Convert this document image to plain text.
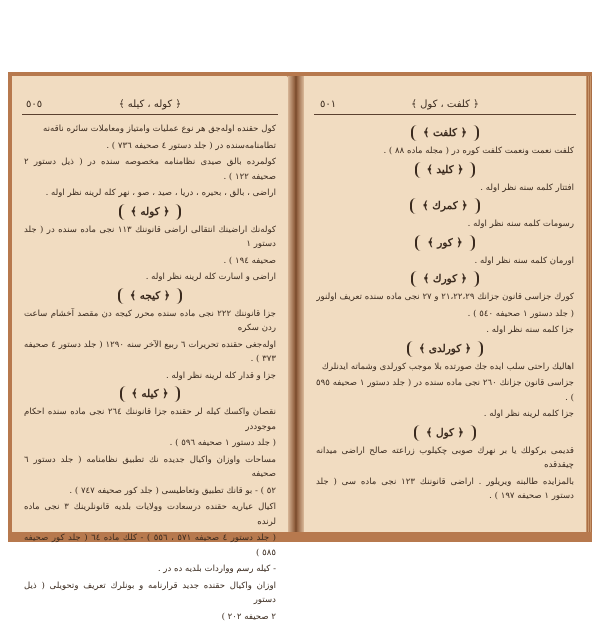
﴿ كوله ، كيله ﴾
٥٠٥

كول حقنده اولەجق هر نوع عمليات وامتياز ومعاملات سائره ناقەنه

تطامنامەسنده در ( جلد دستور ٤ صحيفه ٧٣٦ ) .

كولمرده بالق صيدى نظامنامه مخصوصه سنده در ( ذيل دستور ٢ صحيفه ١٢٢ ) .

اراضى ، بالق ، بحيره ، دريا ، صيد ، صو ، نهر كله لرينه نظر اوله .

﴿ كوله ﴾

كولەنك اراضينك انتقالى اراضى قانوننك ١١٣ نجى ماده سنده در ( جلد دستور ١

صحيفه ١٩٤ ) .

اراضى و اسارت كله لرينه نظر اوله .

﴿ كيجه ﴾

جزا قانوننك ٢٢٢ نجى ماده سنده محرر كيجه دن مقصد آخشام ساعت ردن سكره

اولەجغى حقنده تحريرات ٦ ربيع الآخر سنه ١٢٩٠ ( جلد دستور ٤ صحيفه ٣٧٣ ) .

جزا و قدار كله لرينه نظر اوله .

﴿ كيله ﴾

نقصان واكسك كيله لر حقنده جزا قانوننك ٢٦٤ نجى ماده سنده احكام موجوددر

( جلد دستور ١ صحيفه ٥٩٦ ) .

مساحات واوزان واكيال جديده نك تطبيق نظامنامه ( جلد دستور ٦ صحيفه

٥٢ ) - بو قانك تطبيق وتعاطيسى ( جلد كور صحيفه ٧٤٧ ) .

اكيال عياريه حقنده درسعادت وولايات بلديه قانونلرينك ٣ نجى ماده لرنده

( جلد دستور ٤ صحيفه ٥٧١ ، ٥٥٦ ) - كلك ماده ٦٤ ( جلد كور صحيفه ٥٨٥ )

- كيله رسم وواردات بلديه ده در .

اوزان واكيال حقنده جديد قرارنامه و بونلرك تعريف وتحويلى ( ذيل دستور

٢ صحيفه ٢٠٢ )

﴿ كلفت ، كول ﴾
٥٠١
﴿ كلفت ﴾

كلفت نعمت ونعمت كلفت كوره در ( مجله ماده ٨٨ ) .

﴿ كليد ﴾

افتتار كلمه سنه نظر اوله .

﴿ كمرك ﴾

رسومات كلمه سنه نظر اوله .

﴿ كور ﴾

اورمان كلمه سنه نظر اوله .

﴿ كورك ﴾

كورك جزاسى قانون جزانك ٢١،٢٢،٢٩ و ٢٧ نجى ماده سنده تعريف اولنور

( جلد دستور ١ صحيفه ٥٤٠ ) .

جزا كلمه سنه نظر اوله .

﴿ كورلدى ﴾

اهاليك راحتى سلب ايده جك صورتده بلا موجب كورلدى وشماته ايدنلرك

جزاسى قانون جزانك ٢٦٠ نجى ماده سنده در ( جلد دستور ١ صحيفه ٥٩٥ ) .

جزا كلمه لرينه نظر اوله .

﴿ كول ﴾

قديمى بركولك يا بر نهرك صوبى چكيلوب زراعته صالح اراضى ميدانه چيقدقده

بالمزايده طالبنه ويريلور . اراضى قانوننك ١٢٣ نجى ماده سى ( جلد دستور ١ صحيفه ١٩٧ ) .
